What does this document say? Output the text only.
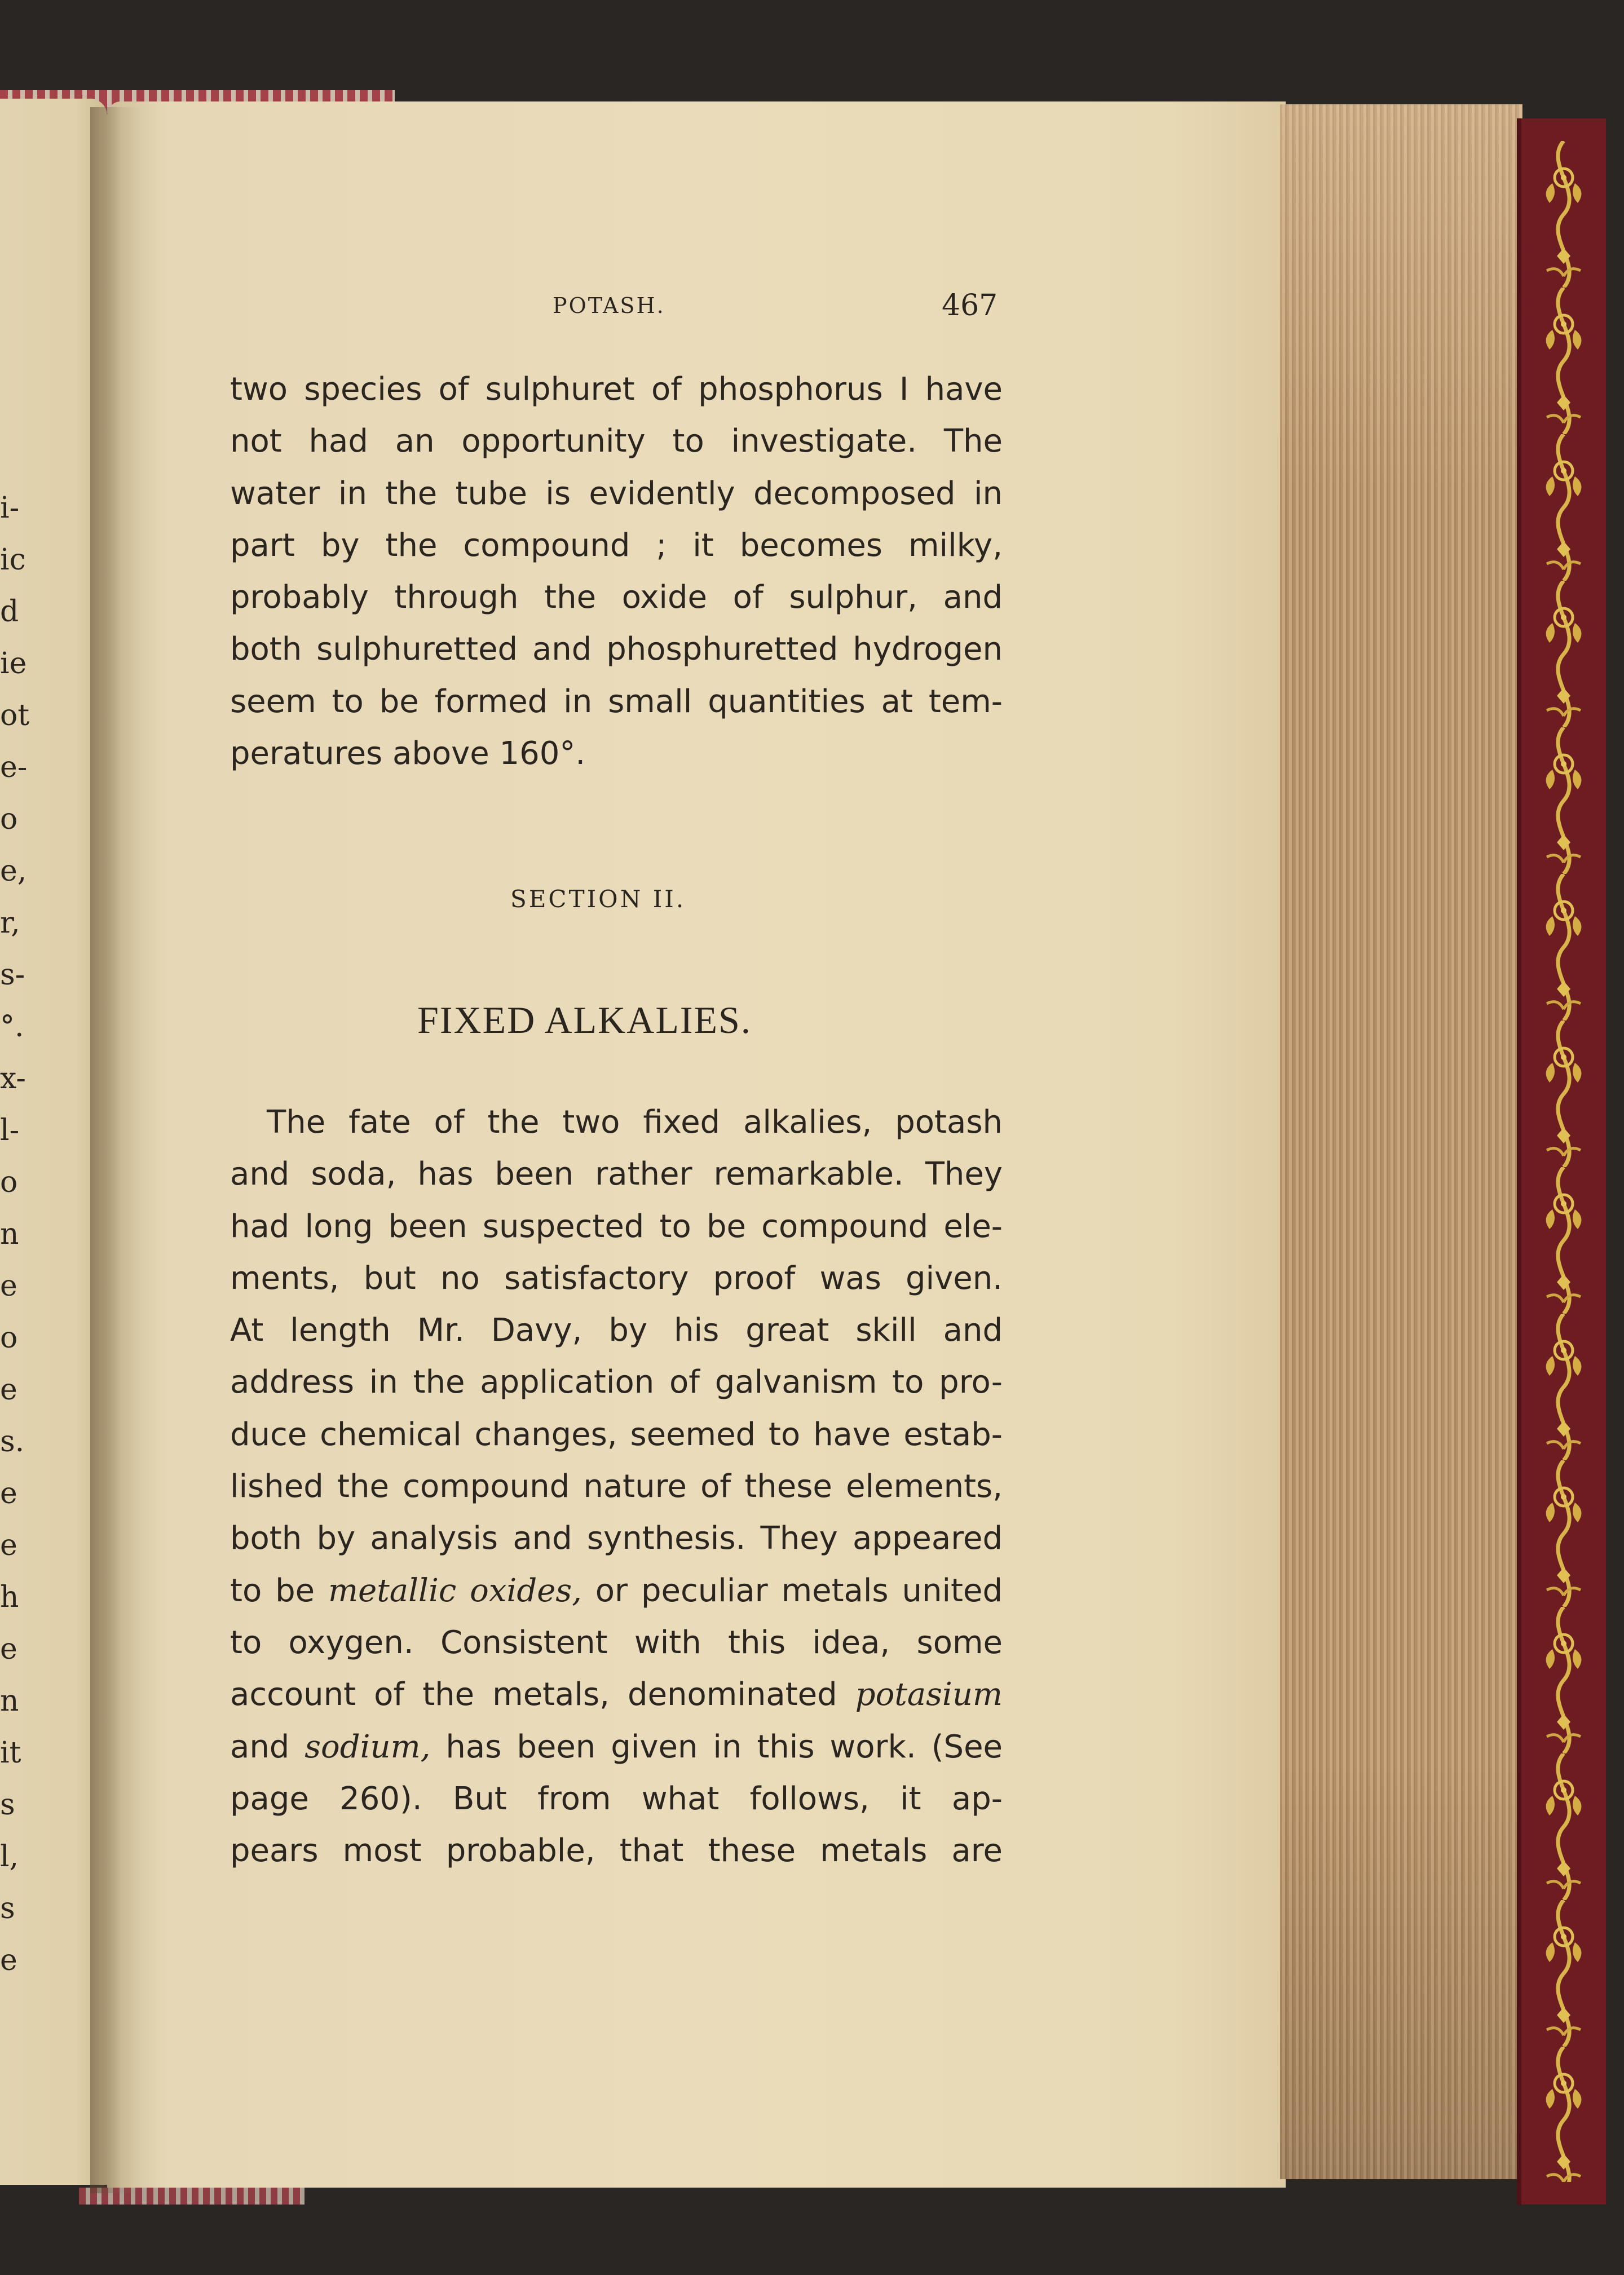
i-
ic
d
ie
ot
e-
o
e,
r,
s-
°.
x-
l-
o
n
e
o
e
s.
e
e
h
e
n
it
s
l,
s
e
POTASH.	467
two species of sulphuret of phosphorus I have
not had an opportunity to investigate. The
water in the tube is evidently decomposed in
part by the compound ; it becomes milky,
probably through the oxide of sulphur, and
both sulphuretted and phosphuretted hydrogen
seem to be formed in small quantities at tem-
peratures above 160°.
SECTION II.
FIXED ALKALIES.
The fate of the two fixed alkalies, potash
and soda, has been rather remarkable. They
had long been suspected to be compound ele-
ments, but no satisfactory proof was given.
At length Mr. Davy, by his great skill and
address in the application of galvanism to pro-
duce chemical changes, seemed to have estab-
lished the compound nature of these elements,
both by analysis and synthesis. They appeared
to be metallic oxides, or peculiar metals united
to oxygen. Consistent with this idea, some
account of the metals, denominated potasium
and sodium, has been given in this work. (See
page 260). But from what follows, it ap-
pears most probable, that these metals are
